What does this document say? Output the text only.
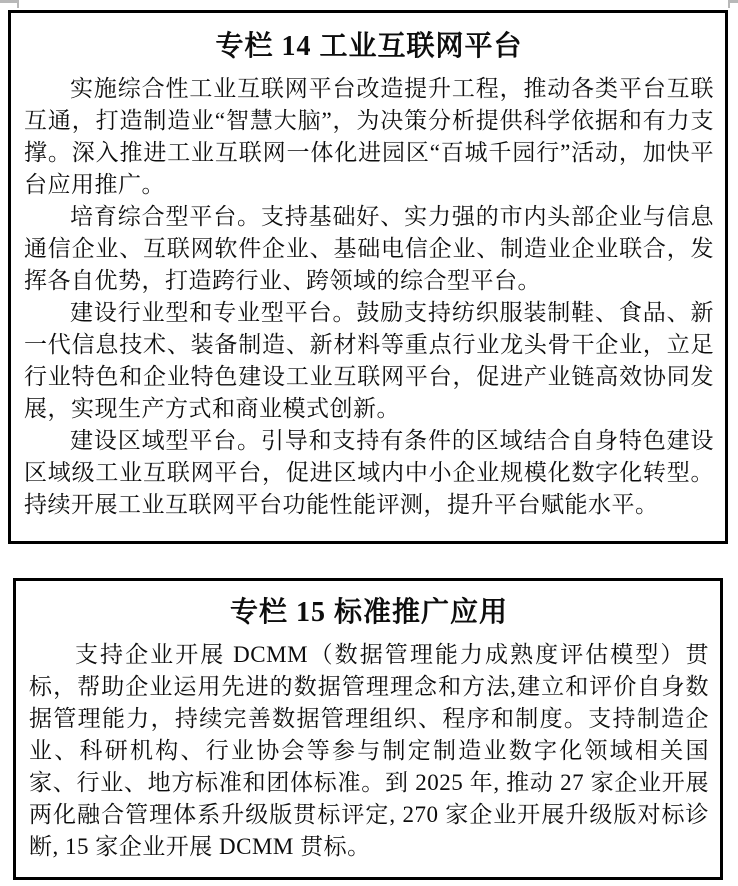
专栏 14 工业互联网平台

实施综合性工业互联网平台改造提升工程，推动各类平台互联互通，打造制造业“智慧大脑”，为决策分析提供科学依据和有力支撑。深入推进工业互联网一体化进园区“百城千园行”活动，加快平台应用推广。

培育综合型平台。支持基础好、实力强的市内头部企业与信息通信企业、互联网软件企业、基础电信企业、制造业企业联合，发挥各自优势，打造跨行业、跨领域的综合型平台。

建设行业型和专业型平台。鼓励支持纺织服装制鞋、食品、新一代信息技术、装备制造、新材料等重点行业龙头骨干企业，立足行业特色和企业特色建设工业互联网平台，促进产业链高效协同发展，实现生产方式和商业模式创新。

建设区域型平台。引导和支持有条件的区域结合自身特色建设区域级工业互联网平台，促进区域内中小企业规模化数字化转型。持续开展工业互联网平台功能性能评测，提升平台赋能水平。

专栏 15 标准推广应用

支持企业开展 DCMM（数据管理能力成熟度评估模型）贯标，帮助企业运用先进的数据管理理念和方法,建立和评价自身数据管理能力，持续完善数据管理组织、程序和制度。支持制造企业、科研机构、行业协会等参与制定制造业数字化领域相关国家、行业、地方标准和团体标准。到 2025 年, 推动 27 家企业开展两化融合管理体系升级版贯标评定, 270 家企业开展升级版对标诊断, 15 家企业开展 DCMM 贯标。
